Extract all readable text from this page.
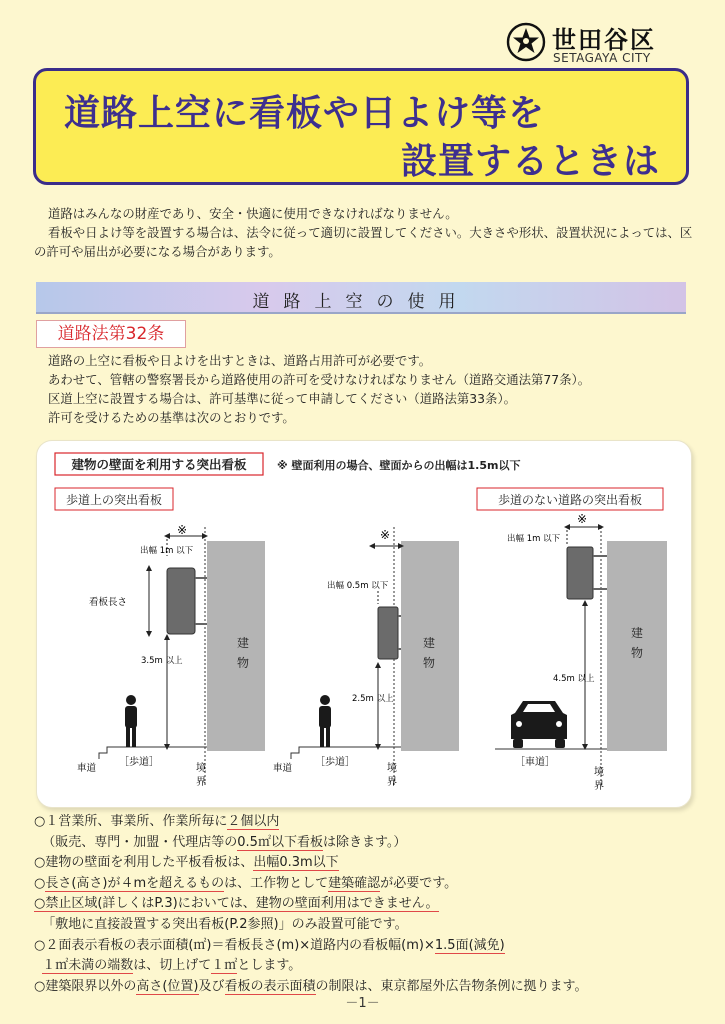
世田谷区
SETAGAYA CITY
道路上空に看板や日よけ等を
設置するときは

道路はみんなの財産であり、安全・快適に使用できなければなりません。

看板や日よけ等を設置する場合は、法令に従って適切に設置してください。大きさや形状、設置状況によっては、区の許可や届出が必要になる場合があります。

道路上空の使用
道路法第32条

道路の上空に看板や日よけを出すときは、道路占用許可が必要です。

あわせて、管轄の警察署長から道路使用の許可を受けなければなりません（道路交通法第77条）。

区道上空に設置する場合は、許可基準に従って申請してください（道路法第33条）。

許可を受けるための基準は次のとおりです。

建物の壁面を利用する突出看板	※ 壁面利用の場合、壁面からの出幅は1.5m以下
歩道上の突出看板	歩道のない道路の突出看板
建
物
※
出幅 1m 以下
看板長さ
3.5m 以上
車道
［歩道］
境
界
建
物
※
出幅 0.5m 以下
2.5m 以上
車道
［歩道］
境
界
建
物
※
出幅 1m 以下
4.5m 以上
［車道］
境
界

○１営業所、事業所、作業所毎に２個以内

（販売、専門・加盟・代理店等の0.5㎡以下看板は除きます。）

○建物の壁面を利用した平板看板は、出幅0.3m以下

○長さ(高さ)が４mを超えるものは、工作物として建築確認が必要です。

○禁止区域(詳しくはP.3)においては、建物の壁面利用はできません。

「敷地に直接設置する突出看板(P.2参照)」のみ設置可能です。

○２面表示看板の表示面積(㎡)＝看板長さ(m)×道路内の看板幅(m)×1.5面(減免)

１㎡未満の端数は、切上げて１㎡とします。

○建築限界以外の高さ(位置)及び看板の表示面積の制限は、東京都屋外広告物条例に拠ります。

－1－
